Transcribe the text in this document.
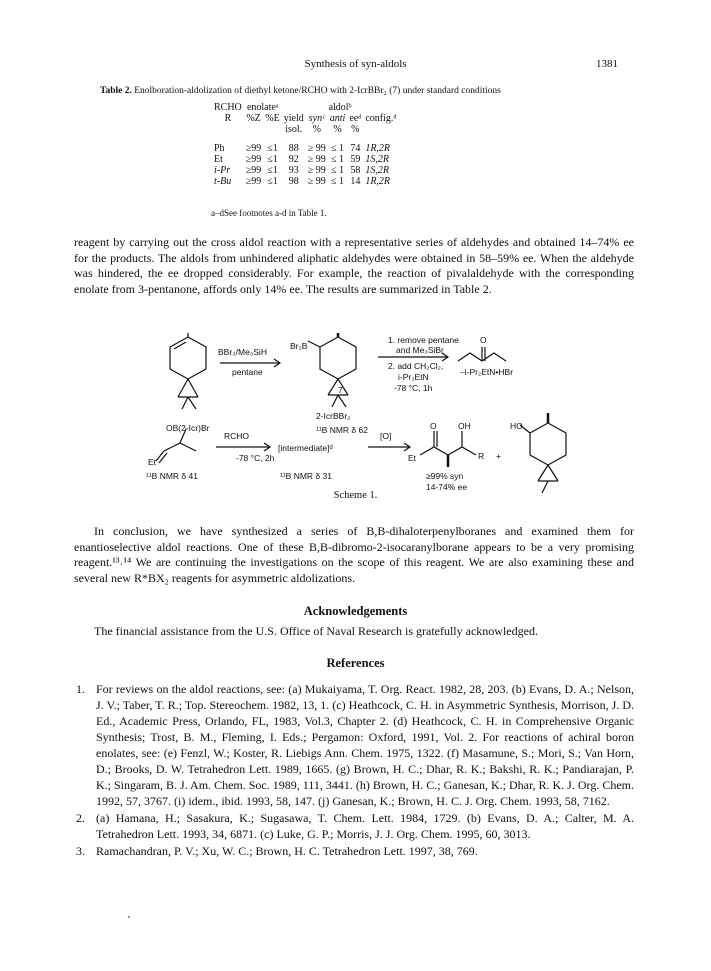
Synthesis of syn-aldols	1381
Table 2. Enolboration-aldolization of diethyl ketone/RCHO with 2-IcrBBr₂ (7) under standard conditions
RCHO	enolateᵃ		aldolᵇ				
R	%Z	%E	yield	synᶜ	anti	eeᵈ	config.ᵈ
			isol.	%	%	%	

Ph	≥99	≤1	88	≥ 99	≤ 1	74	1R,2R
Et	≥99	≤1	92	≥ 99	≤ 1	59	1S,2R
i-Pr	≥99	≤1	93	≥ 99	≤ 1	58	1S,2R
t-Bu	≥99	≤1	98	≥ 99	≤ 1	14	1R,2R
a–dSee footnotes a-d in Table 1.
reagent by carrying out the cross aldol reaction with a representative series of aldehydes and obtained 14–74% ee for the products. The aldols from unhindered aliphatic aldehydes were obtained in 58–59% ee. When the aldehyde was hindered, the ee dropped considerably. For example, the reaction of pivalaldehyde with the corresponding enolate from 3-pentanone, affords only 14% ee. The results are summarized in Table 2.
BBr₃/Me₃SiH
pentane
Br₂B
7
2-IcrBBr₂
¹¹B NMR δ 62
1. remove pentane
and Me₃SiBr
2. add CH₂Cl₂,
i-Pr₂EtN
-78 °C, 1h
–i-Pr₂EtN•HBr
O
OB(2-Icr)Br
Et
¹¹B NMR δ 41
RCHO
-78 °C, 2h
[intermediate]ᵈ
¹¹B NMR δ 31
[O]
O	OH
Et	R +
HO
≥99% syn
14-74% ee
Scheme 1.
In conclusion, we have synthesized a series of B,B-dihaloterpenylboranes and examined them for enantioselective aldol reactions. One of these B,B-dibromo-2-isocaranylborane appears to be a very promising reagent.¹³˒¹⁴ We are continuing the investigations on the scope of this reagent. We are also examining these and several new R*BX₂ reagents for asymmetric aldolizations.
Acknowledgements
The financial assistance from the U.S. Office of Naval Research is gratefully acknowledged.
References
1. For reviews on the aldol reactions, see: (a) Mukaiyama, T. Org. React. 1982, 28, 203. (b) Evans, D. A.; Nelson, J. V.; Taber, T. R.; Top. Stereochem. 1982, 13, 1. (c) Heathcock, C. H. in Asymmetric Synthesis, Morrison, J. D. Ed., Academic Press, Orlando, FL, 1983, Vol.3, Chapter 2. (d) Heathcock, C. H. in Comprehensive Organic Synthesis; Trost, B. M., Fleming, I. Eds.; Pergamon: Oxford, 1991, Vol. 2. For reactions of achiral boron enolates, see: (e) Fenzl, W.; Koster, R. Liebigs Ann. Chem. 1975, 1322. (f) Masamune, S.; Mori, S.; Van Horn, D.; Brooks, D. W. Tetrahedron Lett. 1989, 1665. (g) Brown, H. C.; Dhar, R. K.; Bakshi, R. K.; Pandiarajan, P. K.; Singaram, B. J. Am. Chem. Soc. 1989, 111, 3441. (h) Brown, H. C.; Ganesan, K.; Dhar, R. K. J. Org. Chem. 1992, 57, 3767. (i) idem., ibid. 1993, 58, 147. (j) Ganesan, K.; Brown, H. C. J. Org. Chem. 1993, 58, 7162.
2. (a) Hamana, H.; Sasakura, K.; Sugasawa, T. Chem. Lett. 1984, 1729. (b) Evans, D. A.; Calter, M. A. Tetrahedron Lett. 1993, 34, 6871. (c) Luke, G. P.; Morris, J. J. Org. Chem. 1995, 60, 3013.
3. Ramachandran, P. V.; Xu, W. C.; Brown, H. C. Tetrahedron Lett. 1997, 38, 769.
